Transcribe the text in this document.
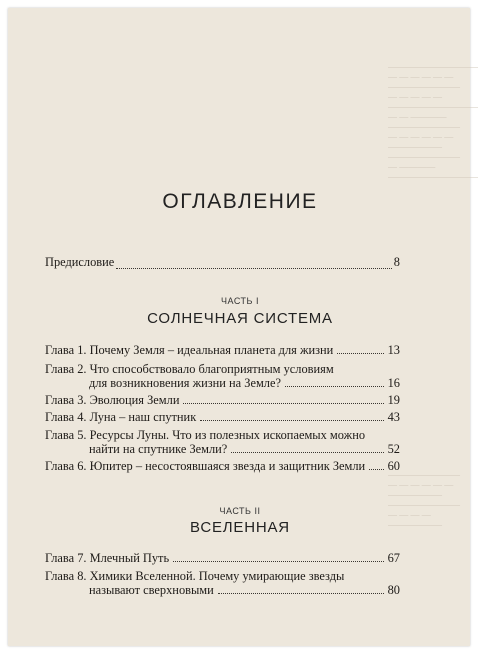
——————————
— — — — — —
————————
— — — — —
——————————
— — ————
————————
— — — — — —
——————
————————
— ————
——————————
————————
— — — — — —
——————
————————
— — — —
——————
ОГЛАВЛЕНИЕ
Предисловие	8
ЧАСТЬ I
СОЛНЕЧНАЯ СИСТЕМА
Глава 1. Почему Земля – идеальная планета для жизни	13
Глава 2. Что способствовало благоприятным условиям
для возникновения жизни на Земле?	16
Глава 3. Эволюция Земли	19
Глава 4. Луна – наш спутник	43
Глава 5. Ресурсы Луны. Что из полезных ископаемых можно
найти на спутнике Земли?	52
Глава 6. Юпитер – несостоявшаяся звезда и защитник Земли 60
ЧАСТЬ II
ВСЕЛЕННАЯ
Глава 7. Млечный Путь	67
Глава 8. Химики Вселенной. Почему умирающие звезды
называют сверхновыми	80
